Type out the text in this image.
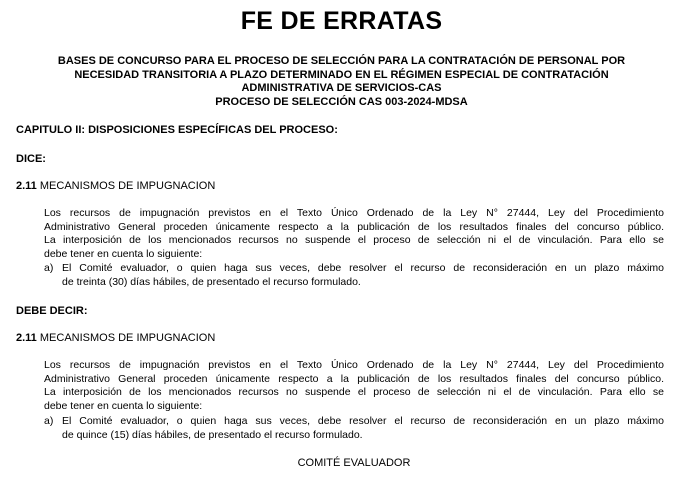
FE DE ERRATAS
BASES DE CONCURSO PARA EL PROCESO DE SELECCIÓN PARA LA CONTRATACIÓN DE PERSONAL POR
NECESIDAD TRANSITORIA A PLAZO DETERMINADO EN EL RÉGIMEN ESPECIAL DE CONTRATACIÓN
ADMINISTRATIVA DE SERVICIOS-CAS
PROCESO DE SELECCIÓN CAS 003-2024-MDSA
CAPITULO II: DISPOSICIONES ESPECÍFICAS DEL PROCESO:
DICE:
2.11 MECANISMOS DE IMPUGNACION
Los recursos de impugnación previstos en el Texto Único Ordenado de la Ley N° 27444, Ley del Procedimiento
Administrativo General proceden únicamente respecto a la publicación de los resultados finales del concurso público.
La interposición de los mencionados recursos no suspende el proceso de selección ni el de vinculación. Para ello se
debe tener en cuenta lo siguiente:
a) El Comité evaluador, o quien haga sus veces, debe resolver el recurso de reconsideración en un plazo máximo
de treinta (30) días hábiles, de presentado el recurso formulado.
DEBE DECIR:
2.11 MECANISMOS DE IMPUGNACION
Los recursos de impugnación previstos en el Texto Único Ordenado de la Ley N° 27444, Ley del Procedimiento
Administrativo General proceden únicamente respecto a la publicación de los resultados finales del concurso público.
La interposición de los mencionados recursos no suspende el proceso de selección ni el de vinculación. Para ello se
debe tener en cuenta lo siguiente:
a) El Comité evaluador, o quien haga sus veces, debe resolver el recurso de reconsideración en un plazo máximo
de quince (15) días hábiles, de presentado el recurso formulado.
COMITÉ EVALUADOR
